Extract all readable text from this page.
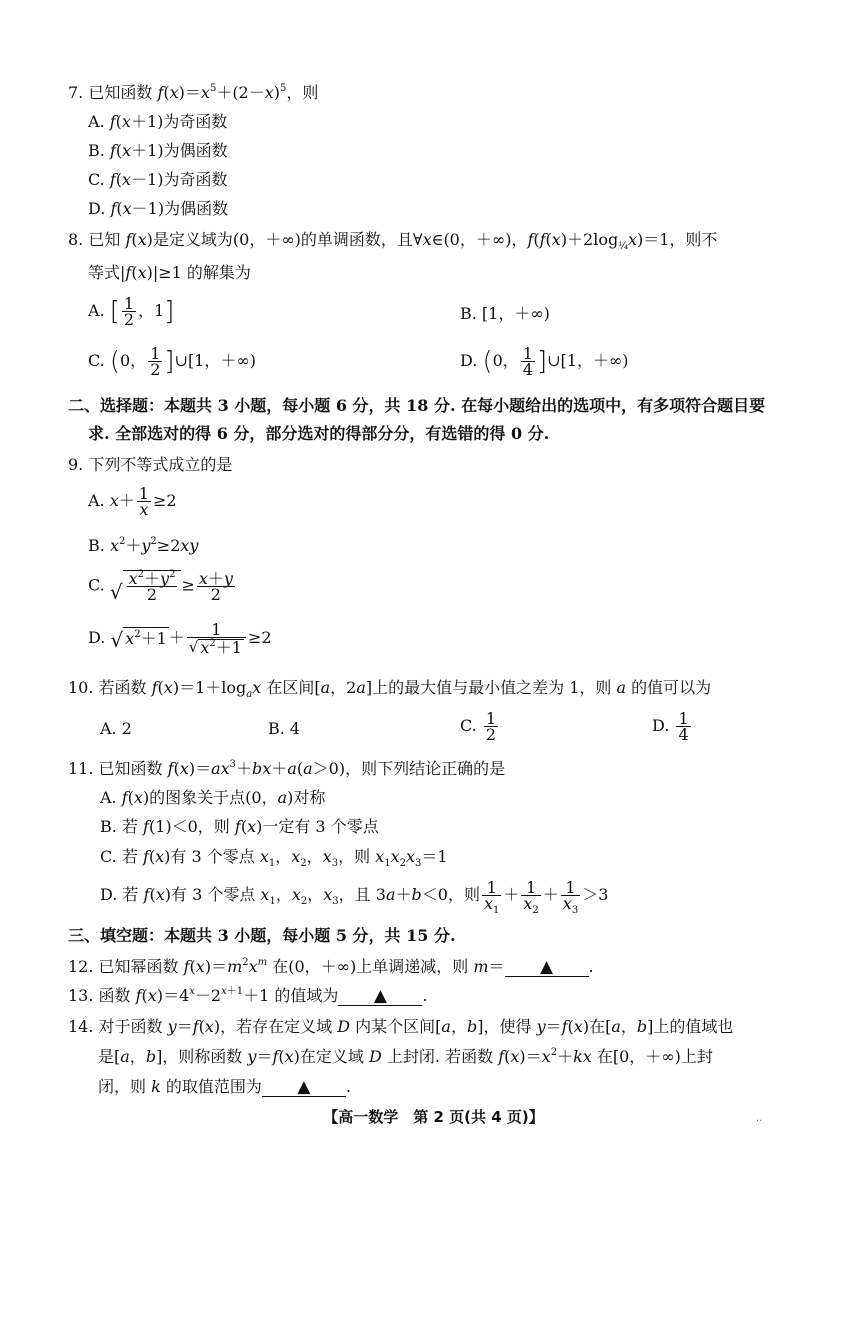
7. 已知函数 $f(x)=x^5+(2-x)^5$，则
A. f(x＋1)为奇函数
B. f(x＋1)为偶函数
C. f(x－1)为奇函数
D. f(x－1)为偶函数
8. 已知 f(x)是定义域为(0，＋∞)的单调函数，且∀x∈(0，＋∞)，$f(f(x)+2\log_{\frac{1}{4}}x)=1$，则不
等式|f(x)|≥1 的解集为
A. [ $\frac{1}{2}$ ，1]	B. [1，＋∞)
C. (0， $\frac{1}{2}$ ]∪[1，＋∞)	D. (0， $\frac{1}{4}$ ]∪[1，＋∞)
二、选择题：本题共 3 小题，每小题 6 分，共 18 分. 在每小题给出的选项中，有多项符合题目要
求. 全部选对的得 6 分，部分选对的得部分分，有选错的得 0 分.
9. 下列不等式成立的是
A. $x+ \frac{1}{x} \ge 2$
B. $x^2+y^2\ge 2xy$
C. √ $\frac{x^2+y^2}{2} \ge \frac{x+y}{2}$
D. √ $x^2+1 + \frac{1}{√ x^2+1} \ge 2$
10. 若函数 $f(x)=1+\log_ax$ 在区间[a，2a]上的最大值与最小值之差为 1，则 a 的值可以为
A. 2	B. 4	C. $\frac{1}{2}$	D. $\frac{1}{4}$
11. 已知函数 $f(x)=ax^3+bx+a(a>0)$，则下列结论正确的是
A. f(x)的图象关于点(0，a)对称
B. 若 f(1)＜0，则 f(x)一定有 3 个零点
C. 若 f(x)有 3 个零点 $x_1$，$x_2$，$x_3$，则 $x_1x_2x_3=1$
D. 若 f(x)有 3 个零点 $x_1$，$x_2$，$x_3$，且 3a＋b＜0，则 $\frac{1}{x_1} + \frac{1}{x_2} + \frac{1}{x_3} >3$
三、填空题：本题共 3 小题，每小题 5 分，共 15 分.
12. 已知幂函数 $f(x)=m^2x^m$ 在(0，＋∞)上单调递减，则 m＝ ▲ .
13. 函数 $f(x)=4^x-2^{x+1}+1$ 的值域为 ▲ .
14. 对于函数 y＝f(x)，若存在定义域 D 内某个区间[a，b]，使得 y＝f(x)在[a，b]上的值域也
是[a，b]，则称函数 y＝f(x)在定义域 D 上封闭. 若函数 $f(x)=x^2+kx$ 在[0，＋∞)上封
闭，则 k 的取值范围为 ▲ .
【高一数学　第 2 页(共 4 页)】	··
